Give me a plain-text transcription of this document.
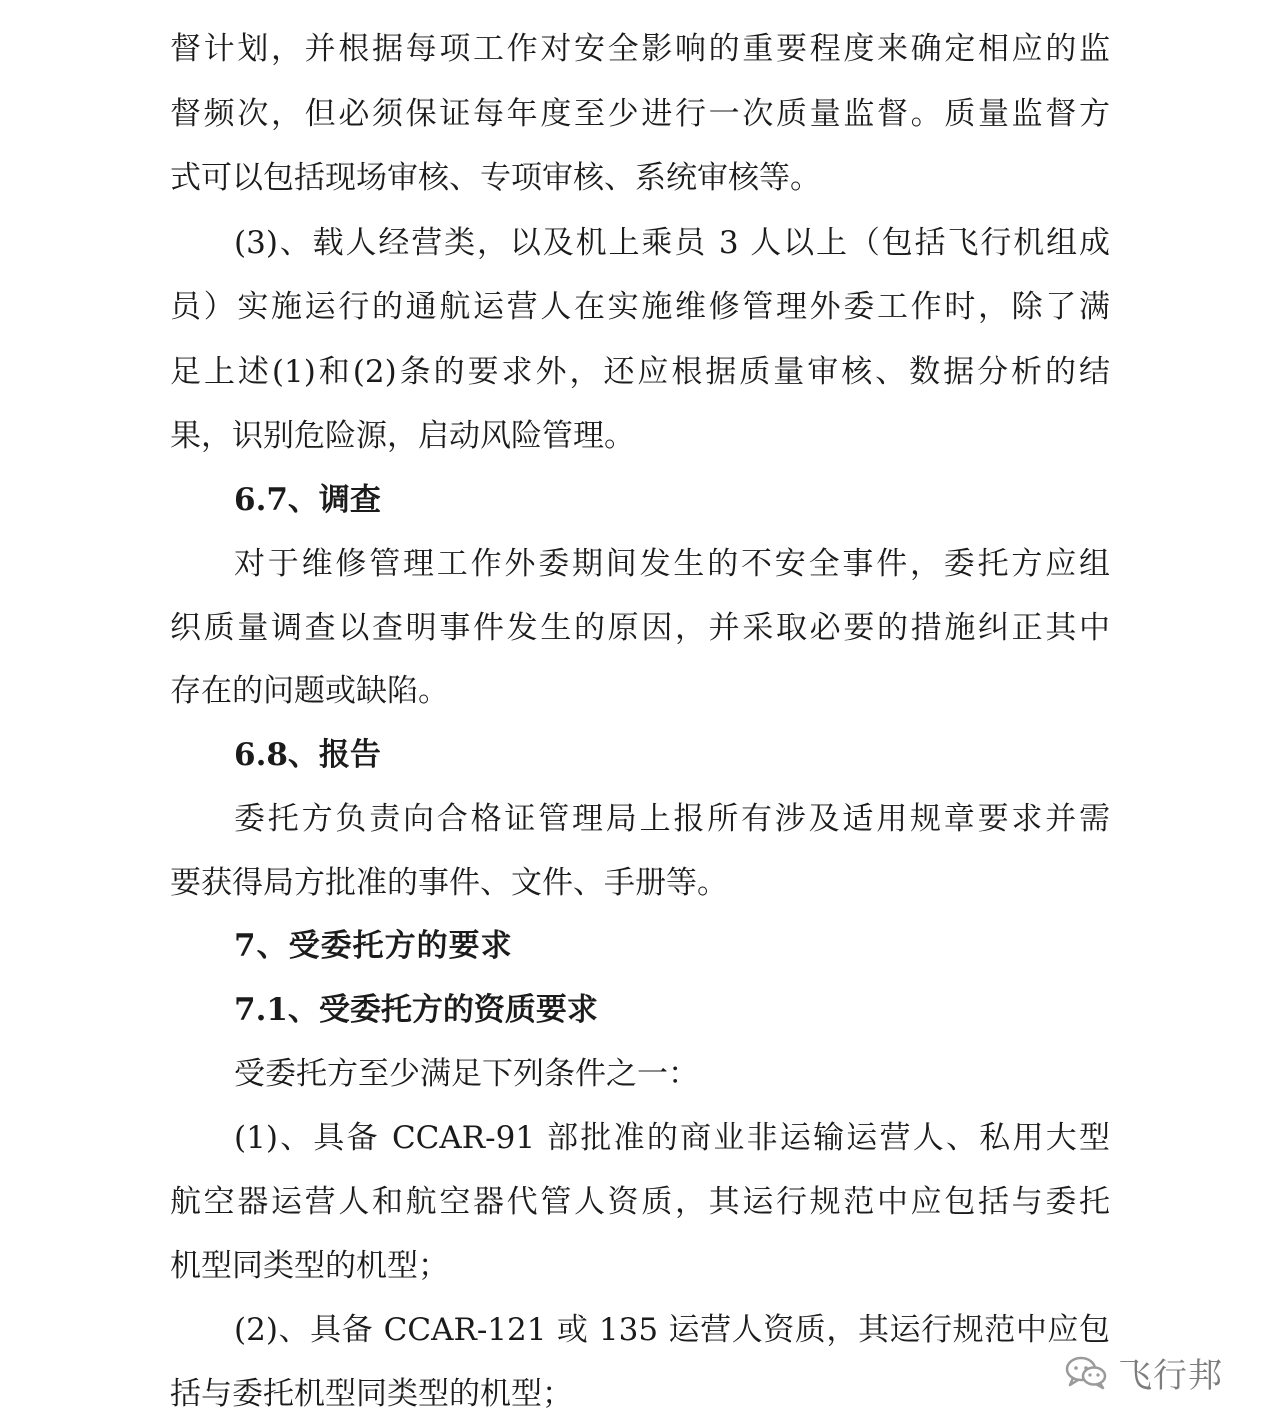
督计划，并根据每项工作对安全影响的重要程度来确定相应的监
督频次，但必须保证每年度至少进行一次质量监督。质量监督方
式可以包括现场审核、专项审核、系统审核等。
(3)、载人经营类，以及机上乘员 3 人以上（包括飞行机组成
员）实施运行的通航运营人在实施维修管理外委工作时，除了满
足上述(1)和(2)条的要求外，还应根据质量审核、数据分析的结
果，识别危险源，启动风险管理。
6.7、调查
对于维修管理工作外委期间发生的不安全事件，委托方应组
织质量调查以查明事件发生的原因，并采取必要的措施纠正其中
存在的问题或缺陷。
6.8、报告
委托方负责向合格证管理局上报所有涉及适用规章要求并需
要获得局方批准的事件、文件、手册等。
7、受委托方的要求
7.1、受委托方的资质要求
受委托方至少满足下列条件之一：
(1)、具备 CCAR-91 部批准的商业非运输运营人、私用大型
航空器运营人和航空器代管人资质，其运行规范中应包括与委托
机型同类型的机型；
(2)、具备 CCAR-121 或 135 运营人资质，其运行规范中应包
括与委托机型同类型的机型；	飞行邦
